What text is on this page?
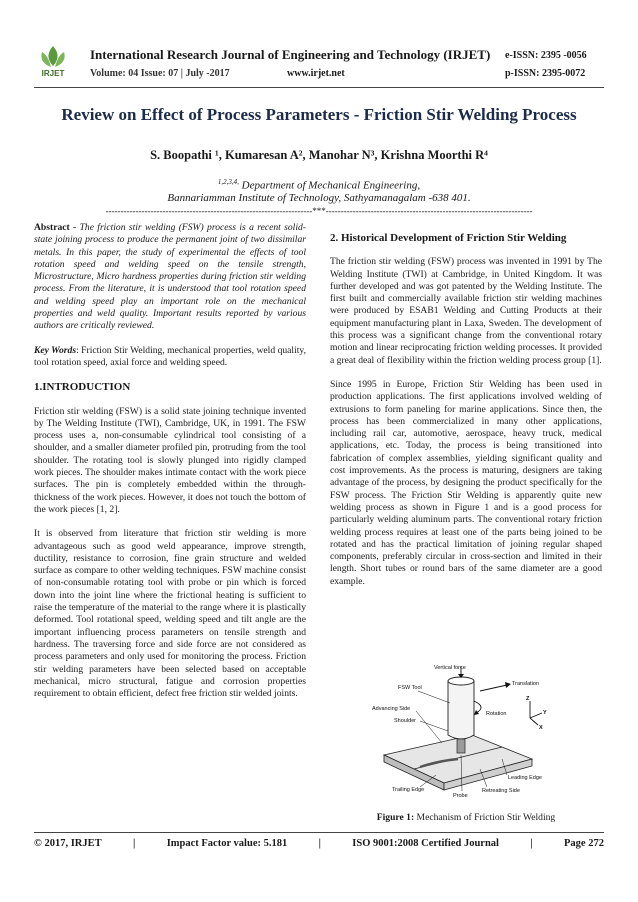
IRJET
International Research Journal of Engineering and Technology (IRJET) e-ISSN: 2395 -0056
Volume: 04 Issue: 07 | July -2017	www.irjet.net	p-ISSN: 2395-0072
Review on Effect of Process Parameters - Friction Stir Welding Process
S. Boopathi ¹, Kumaresan A², Manohar N³, Krishna Moorthi R⁴
$^{1,2,3,4,}$ Department of Mechanical Engineering,
Bannariamman Institute of Technology, Sathyamanagalam -638 401.
---------------------------------------------------------------------***---------------------------------------------------------------------

Abstract - The friction stir welding (FSW) process is a recent solid-state joining process to produce the permanent joint of two dissimilar metals. In this paper, the study of experimental the effects of tool rotation speed and welding speed on the tensile strength, Microstructure, Micro hardness properties during friction stir welding process. From the literature, it is understood that tool rotation speed and welding speed play an important role on the mechanical properties and weld quality. Important results reported by various authors are critically reviewed.

Key Words: Friction Stir Welding, mechanical properties, weld quality, tool rotation speed, axial force and welding speed.

1.INTRODUCTION

Friction stir welding (FSW) is a solid state joining technique invented by The Welding Institute (TWI), Cambridge, UK, in 1991. The FSW process uses a, non-consumable cylindrical tool consisting of a shoulder, and a smaller diameter profiled pin, protruding from the tool shoulder. The rotating tool is slowly plunged into rigidly clamped work pieces. The shoulder makes intimate contact with the work piece surfaces. The pin is completely embedded within the through-thickness of the work pieces. However, it does not touch the bottom of the work pieces [1, 2].

It is observed from literature that friction stir welding is more advantageous such as good weld appearance, improve strength, ductility, resistance to corrosion, fine grain structure and welded surface as compare to other welding techniques. FSW machine consist of non-consumable rotating tool with probe or pin which is forced down into the joint line where the frictional heating is sufficient to raise the temperature of the material to the range where it is plastically deformed. Tool rotational speed, welding speed and tilt angle are the important influencing process parameters on tensile strength and hardness. The traversing force and side force are not considered as process parameters and only used for monitoring the process. Friction stir welding parameters have been selected based on acceptable mechanical, micro structural, fatigue and corrosion properties requirement to obtain efficient, defect free friction stir welded joints.

2. Historical Development of Friction Stir Welding

The friction stir welding (FSW) process was invented in 1991 by The Welding Institute (TWI) at Cambridge, in United Kingdom. It was further developed and was got patented by the Welding Institute. The first built and commercially available friction stir welding machines were produced by ESAB1 Welding and Cutting Products at their equipment manufacturing plant in Laxa, Sweden. The development of this process was a significant change from the conventional rotary motion and linear reciprocating friction welding processes. It provided a great deal of flexibility within the friction welding process group [1].

Since 1995 in Europe, Friction Stir Welding has been used in production applications. The first applications involved welding of extrusions to form paneling for marine applications. Since then, the process has been commercialized in many other applications, including rail car, automotive, aerospace, heavy truck, medical applications, etc. Today, the process is being transitioned into fabrication of complex assemblies, yielding significant quality and cost improvements. As the process is maturing, designers are taking advantage of the process, by designing the product specifically for the FSW process. The Friction Stir Welding is apparently quite new welding process as shown in Figure 1 and is a good process for particularly welding aluminum parts. The conventional rotary friction welding process requires at least one of the parts being joined to be rotated and has the practical limitation of joining regular shaped components, preferably circular in cross-section and limited in their length. Short tubes or round bars of the same diameter are a good example.

Vertical force
FSW Tool
Translation
Rotation
Advancing Side
Shoulder
Z
Y
X
Leading Edge
Trailing Edge
Probe
Retreating Side
Figure 1: Mechanism of Friction Stir Welding
© 2017, IRJET	|	Impact Factor value: 5.181	|	ISO 9001:2008 Certified Journal	|	Page 272
